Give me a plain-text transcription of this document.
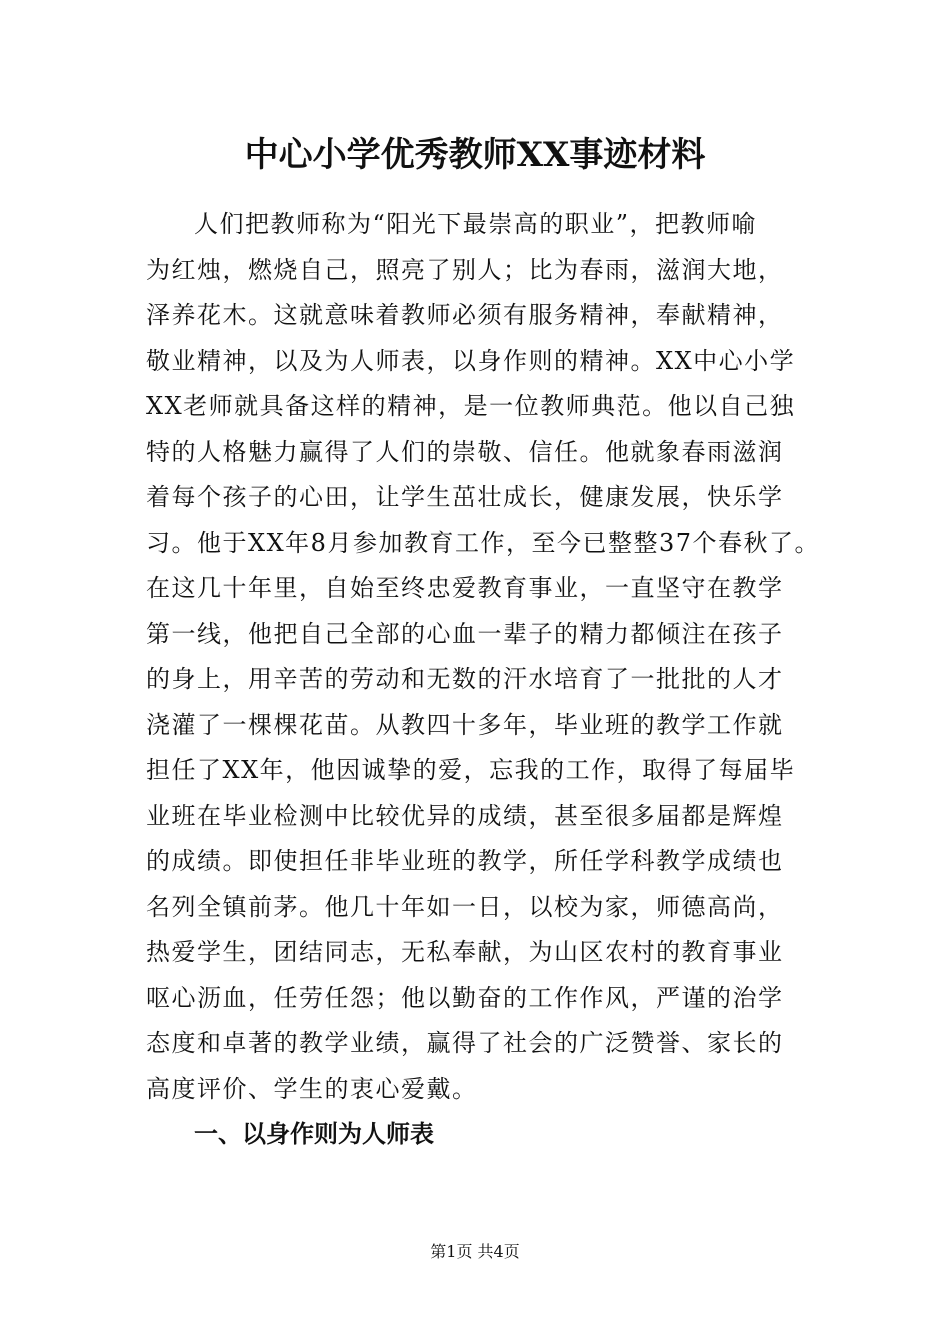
中心小学优秀教师XX事迹材料
人们把教师称为“阳光下最崇高的职业”，把教师喻
为红烛，燃烧自己，照亮了别人；比为春雨，滋润大地，
泽养花木。这就意味着教师必须有服务精神，奉献精神，
敬业精神，以及为人师表，以身作则的精神。XX中心小学
XX老师就具备这样的精神，是一位教师典范。他以自己独
特的人格魅力赢得了人们的崇敬、信任。他就象春雨滋润
着每个孩子的心田，让学生茁壮成长，健康发展，快乐学
习。他于XX年8月参加教育工作，至今已整整37个春秋了。
在这几十年里，自始至终忠爱教育事业，一直坚守在教学
第一线，他把自己全部的心血一辈子的精力都倾注在孩子
的身上，用辛苦的劳动和无数的汗水培育了一批批的人才
浇灌了一棵棵花苗。从教四十多年，毕业班的教学工作就
担任了XX年，他因诚挚的爱，忘我的工作，取得了每届毕
业班在毕业检测中比较优异的成绩，甚至很多届都是辉煌
的成绩。即使担任非毕业班的教学，所任学科教学成绩也
名列全镇前茅。他几十年如一日，以校为家，师德高尚，
热爱学生，团结同志，无私奉献，为山区农村的教育事业
呕心沥血，任劳任怨；他以勤奋的工作作风，严谨的治学
态度和卓著的教学业绩，赢得了社会的广泛赞誉、家长的
高度评价、学生的衷心爱戴。
一、以身作则为人师表
第1页 共4页
